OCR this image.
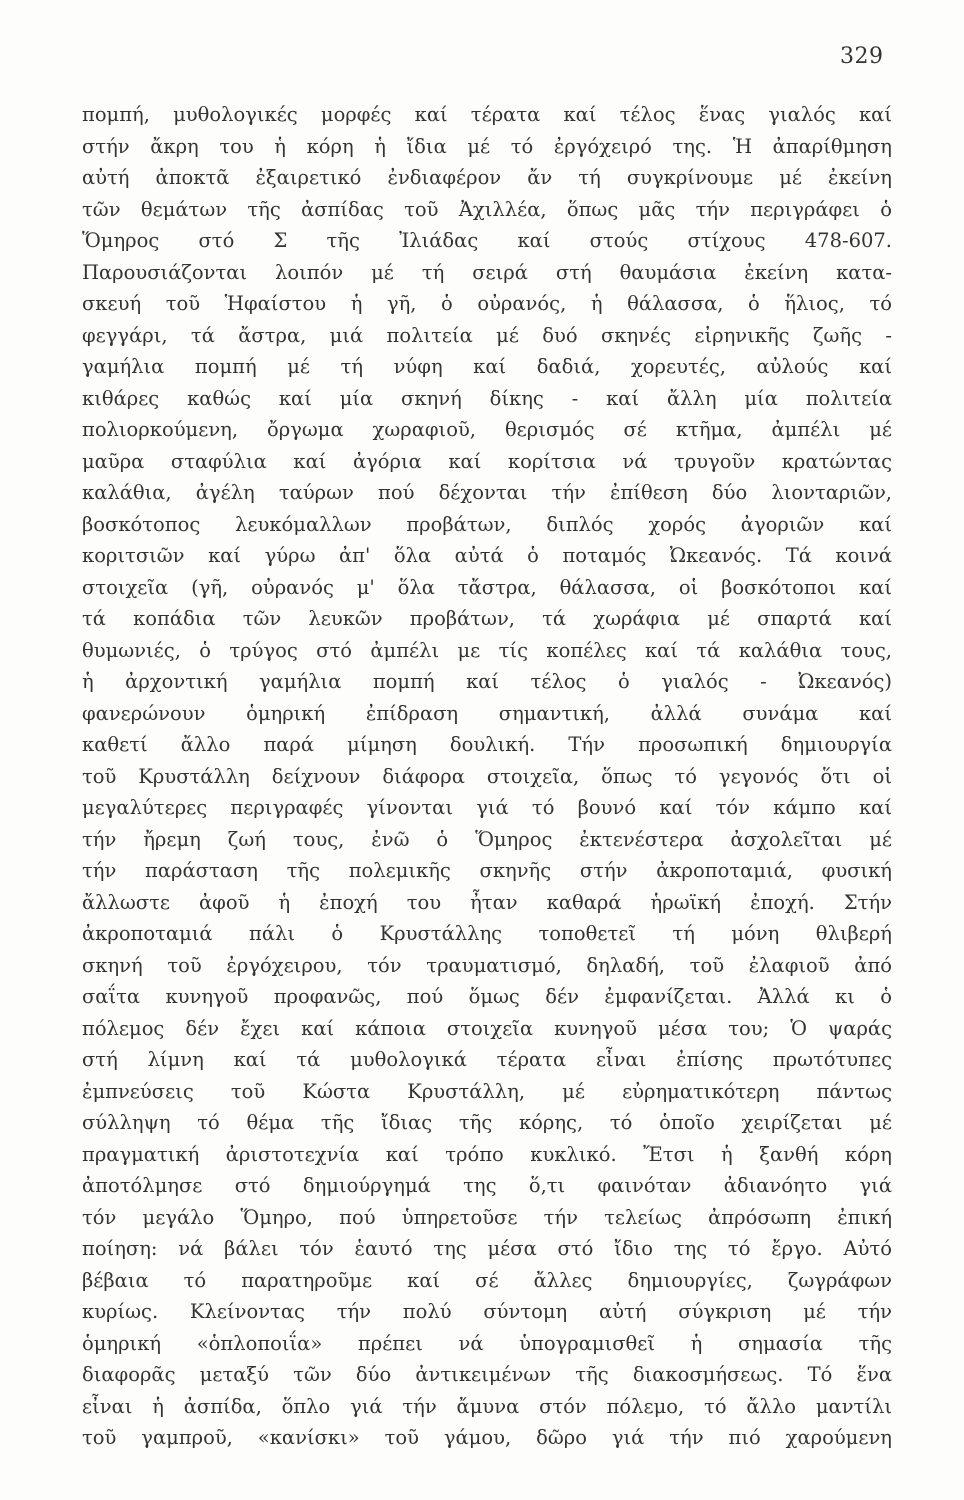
329
πομπή, μυθολογικές μορφές καί τέρατα καί τέλος ἕνας γιαλός καί
στήν ἄκρη του ἡ κόρη ἡ ἴδια μέ τό ἐργόχειρό της. Ἡ ἀπαρίθμηση
αὐτή ἀποκτᾶ ἐξαιρετικό ἐνδιαφέρον ἄν τή συγκρίνουμε μέ ἐκείνη
τῶν θεμάτων τῆς ἀσπίδας τοῦ Ἀχιλλέα, ὅπως μᾶς τήν περιγράφει ὁ
Ὅμηρος στό Σ τῆς Ἰλιάδας καί στούς στίχους 478-607.
Παρουσιάζονται λοιπόν μέ τή σειρά στή θαυμάσια ἐκείνη κατα-
σκευή τοῦ Ἡφαίστου ἡ γῆ, ὁ οὐρανός, ἡ θάλασσα, ὁ ἥλιος, τό
φεγγάρι, τά ἄστρα, μιά πολιτεία μέ δυό σκηνές εἰρηνικῆς ζωῆς -
γαμήλια πομπή μέ τή νύφη καί δαδιά, χορευτές, αὐλούς καί
κιθάρες καθώς καί μία σκηνή δίκης - καί ἄλλη μία πολιτεία
πολιορκούμενη, ὄργωμα χωραφιοῦ, θερισμός σέ κτῆμα, ἀμπέλι μέ
μαῦρα σταφύλια καί ἀγόρια καί κορίτσια νά τρυγοῦν κρατώντας
καλάθια, ἀγέλη ταύρων πού δέχονται τήν ἐπίθεση δύο λιονταριῶν,
βοσκότοπος λευκόμαλλων προβάτων, διπλός χορός ἀγοριῶν καί
κοριτσιῶν καί γύρω ἀπ' ὅλα αὐτά ὁ ποταμός Ὠκεανός. Τά κοινά
στοιχεῖα (γῆ, οὐρανός μ' ὅλα τἄστρα, θάλασσα, οἱ βοσκότοποι καί
τά κοπάδια τῶν λευκῶν προβάτων, τά χωράφια μέ σπαρτά καί
θυμωνιές, ὁ τρύγος στό ἀμπέλι με τίς κοπέλες καί τά καλάθια τους,
ἡ ἀρχοντική γαμήλια πομπή καί τέλος ὁ γιαλός - Ὠκεανός)
φανερώνουν ὁμηρική ἐπίδραση σημαντική, ἀλλά συνάμα καί
καθετί ἄλλο παρά μίμηση δουλική. Τήν προσωπική δημιουργία
τοῦ Κρυστάλλη δείχνουν διάφορα στοιχεῖα, ὅπως τό γεγονός ὅτι οἱ
μεγαλύτερες περιγραφές γίνονται γιά τό βουνό καί τόν κάμπο καί
τήν ἤρεμη ζωή τους, ἐνῶ ὁ Ὅμηρος ἐκτενέστερα ἀσχολεῖται μέ
τήν παράσταση τῆς πολεμικῆς σκηνῆς στήν ἀκροποταμιά, φυσική
ἄλλωστε ἀφοῦ ἡ ἐποχή του ἦταν καθαρά ἡρωϊκή ἐποχή. Στήν
ἀκροποταμιά πάλι ὁ Κρυστάλλης τοποθετεῖ τή μόνη θλιβερή
σκηνή τοῦ ἐργόχειρου, τόν τραυματισμό, δηλαδή, τοῦ ἐλαφιοῦ ἀπό
σαΐτα κυνηγοῦ προφανῶς, πού ὅμως δέν ἐμφανίζεται. Ἀλλά κι ὁ
πόλεμος δέν ἔχει καί κάποια στοιχεῖα κυνηγοῦ μέσα του; Ὁ ψαράς
στή λίμνη καί τά μυθολογικά τέρατα εἶναι ἐπίσης πρωτότυπες
ἐμπνεύσεις τοῦ Κώστα Κρυστάλλη, μέ εὐρηματικότερη πάντως
σύλληψη τό θέμα τῆς ἴδιας τῆς κόρης, τό ὁποῖο χειρίζεται μέ
πραγματική ἀριστοτεχνία καί τρόπο κυκλικό. Ἔτσι ἡ ξανθή κόρη
ἀποτόλμησε στό δημιούργημά της ὅ,τι φαινόταν ἀδιανόητο γιά
τόν μεγάλο Ὅμηρο, πού ὑπηρετοῦσε τήν τελείως ἀπρόσωπη ἐπική
ποίηση: νά βάλει τόν ἑαυτό της μέσα στό ἴδιο της τό ἔργο. Αὐτό
βέβαια τό παρατηροῦμε καί σέ ἄλλες δημιουργίες, ζωγράφων
κυρίως. Κλείνοντας τήν πολύ σύντομη αὐτή σύγκριση μέ τήν
ὁμηρική «ὁπλοποιΐα» πρέπει νά ὑπογραμισθεῖ ἡ σημασία τῆς
διαφορᾶς μεταξύ τῶν δύο ἀντικειμένων τῆς διακοσμήσεως. Τό ἕνα
εἶναι ἡ ἀσπίδα, ὅπλο γιά τήν ἄμυνα στόν πόλεμο, τό ἄλλο μαντίλι
τοῦ γαμπροῦ, «κανίσκι» τοῦ γάμου, δῶρο γιά τήν πιό χαρούμενη
